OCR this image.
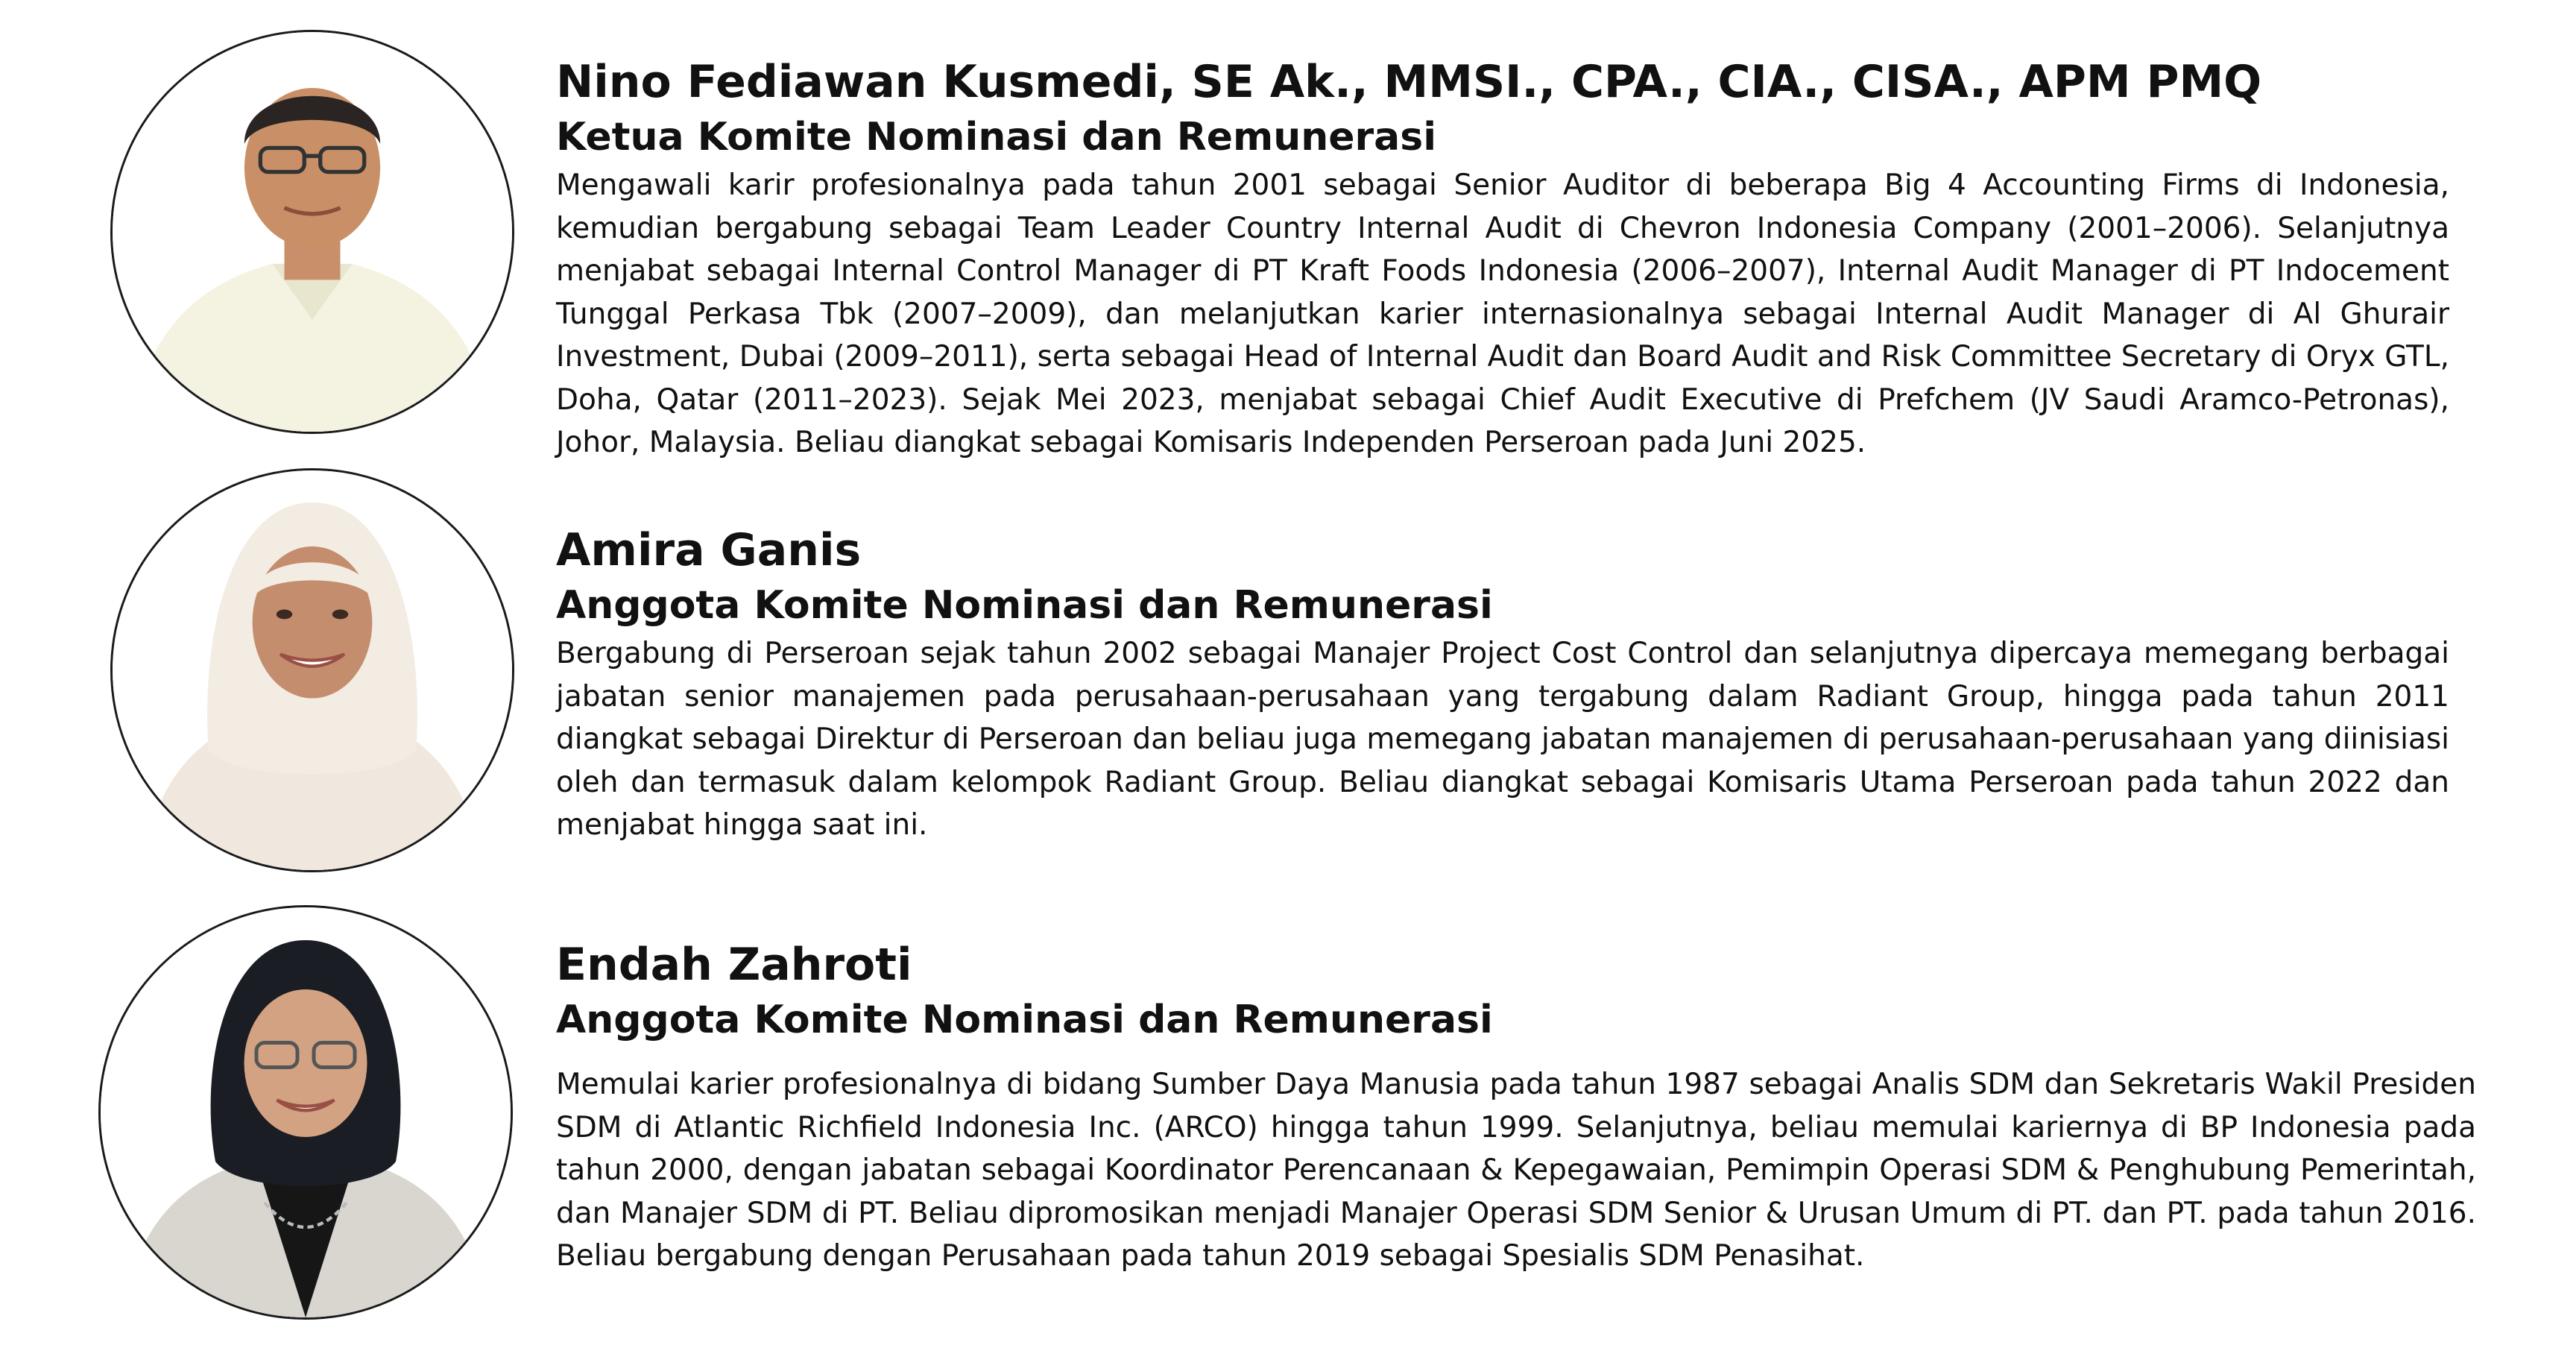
Nino Fediawan Kusmedi, SE Ak., MMSI., CPA., CIA., CISA., APM PMQ

Ketua Komite Nominasi dan Remunerasi

Mengawali karir profesionalnya pada tahun 2001 sebagai Senior Auditor di beberapa Big 4 Accounting Firms di Indonesia, kemudian bergabung sebagai Team Leader Country Internal Audit di Chevron Indonesia Company (2001–2006). Selanjutnya menjabat sebagai Internal Control Manager di PT Kraft Foods Indonesia (2006–2007), Internal Audit Manager di PT Indocement Tunggal Perkasa Tbk (2007–2009), dan melanjutkan karier internasionalnya sebagai Internal Audit Manager di Al Ghurair Investment, Dubai (2009–2011), serta sebagai Head of Internal Audit dan Board Audit and Risk Committee Secretary di Oryx GTL, Doha, Qatar (2011–2023). Sejak Mei 2023, menjabat sebagai Chief Audit Executive di Prefchem (JV Saudi Aramco-Petronas), Johor, Malaysia. Beliau diangkat sebagai Komisaris Independen Perseroan pada Juni 2025.

Amira Ganis

Anggota Komite Nominasi dan Remunerasi

Bergabung di Perseroan sejak tahun 2002 sebagai Manajer Project Cost Control dan selanjutnya dipercaya memegang berbagai jabatan senior manajemen pada perusahaan-perusahaan yang tergabung dalam Radiant Group, hingga pada tahun 2011 diangkat sebagai Direktur di Perseroan dan beliau juga memegang jabatan manajemen di perusahaan-perusahaan yang diinisiasi oleh dan termasuk dalam kelompok Radiant Group. Beliau diangkat sebagai Komisaris Utama Perseroan pada tahun 2022 dan menjabat hingga saat ini.

Endah Zahroti

Anggota Komite Nominasi dan Remunerasi

Memulai karier profesionalnya di bidang Sumber Daya Manusia pada tahun 1987 sebagai Analis SDM dan Sekretaris Wakil Presiden SDM di Atlantic Richfield Indonesia Inc. (ARCO) hingga tahun 1999. Selanjutnya, beliau memulai kariernya di BP Indonesia pada tahun 2000, dengan jabatan sebagai Koordinator Perencanaan & Kepegawaian, Pemimpin Operasi SDM & Penghubung Pemerintah, dan Manajer SDM di PT. Beliau dipromosikan menjadi Manajer Operasi SDM Senior & Urusan Umum di PT. dan PT. pada tahun 2016. Beliau bergabung dengan Perusahaan pada tahun 2019 sebagai Spesialis SDM Penasihat.
